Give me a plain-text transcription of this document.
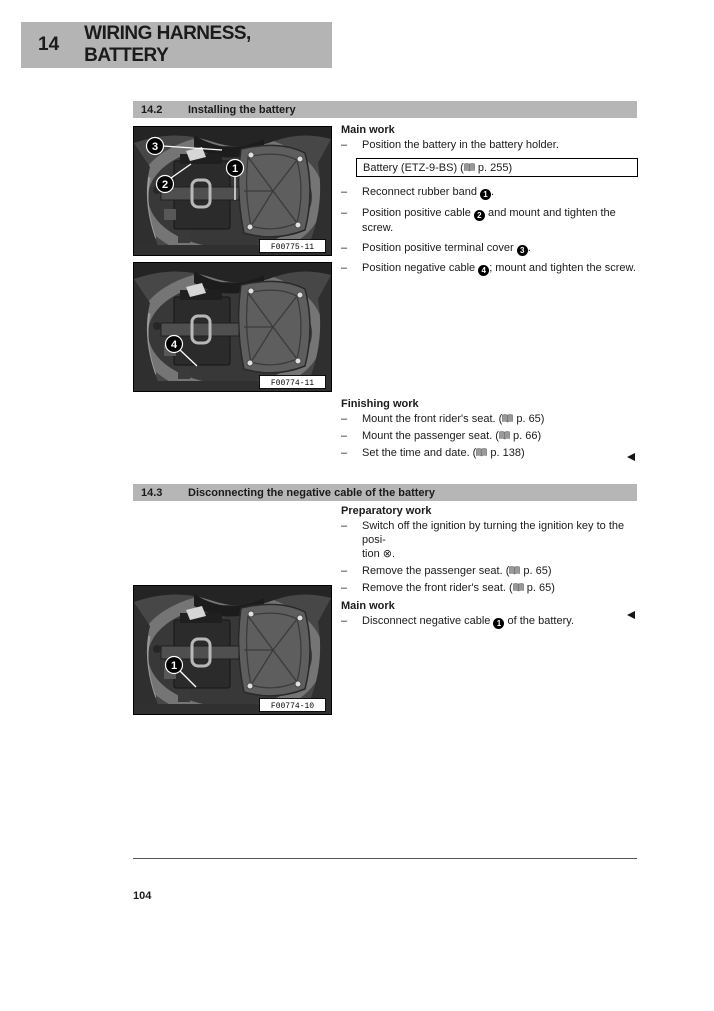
14
WIRING HARNESS, BATTERY
14.2	Installing the battery
3
2
1
F00775-11

Main work

–	Position the battery in the battery holder.
Battery (ETZ-9-BS) ( p. 255)
–	Reconnect rubber band 1 .
–	Position positive cable 2 and mount and tighten the screw.
–	Position positive terminal cover 3 .
4
F00774-11
–	Position negative cable 4 ; mount and tighten the screw.

Finishing work

–	Mount the front rider's seat. ( p. 65)
–	Mount the passenger seat. ( p. 66)
–	Set the time and date. ( p. 138)
14.3	Disconnecting the negative cable of the battery

Preparatory work

–	Switch off the ignition by turning the ignition key to the posi-
tion ⊗.
–	Remove the passenger seat. ( p. 65)
–	Remove the front rider's seat. ( p. 65)

Main work

–	Disconnect negative cable 1 of the battery.
1
F00774-10
104
